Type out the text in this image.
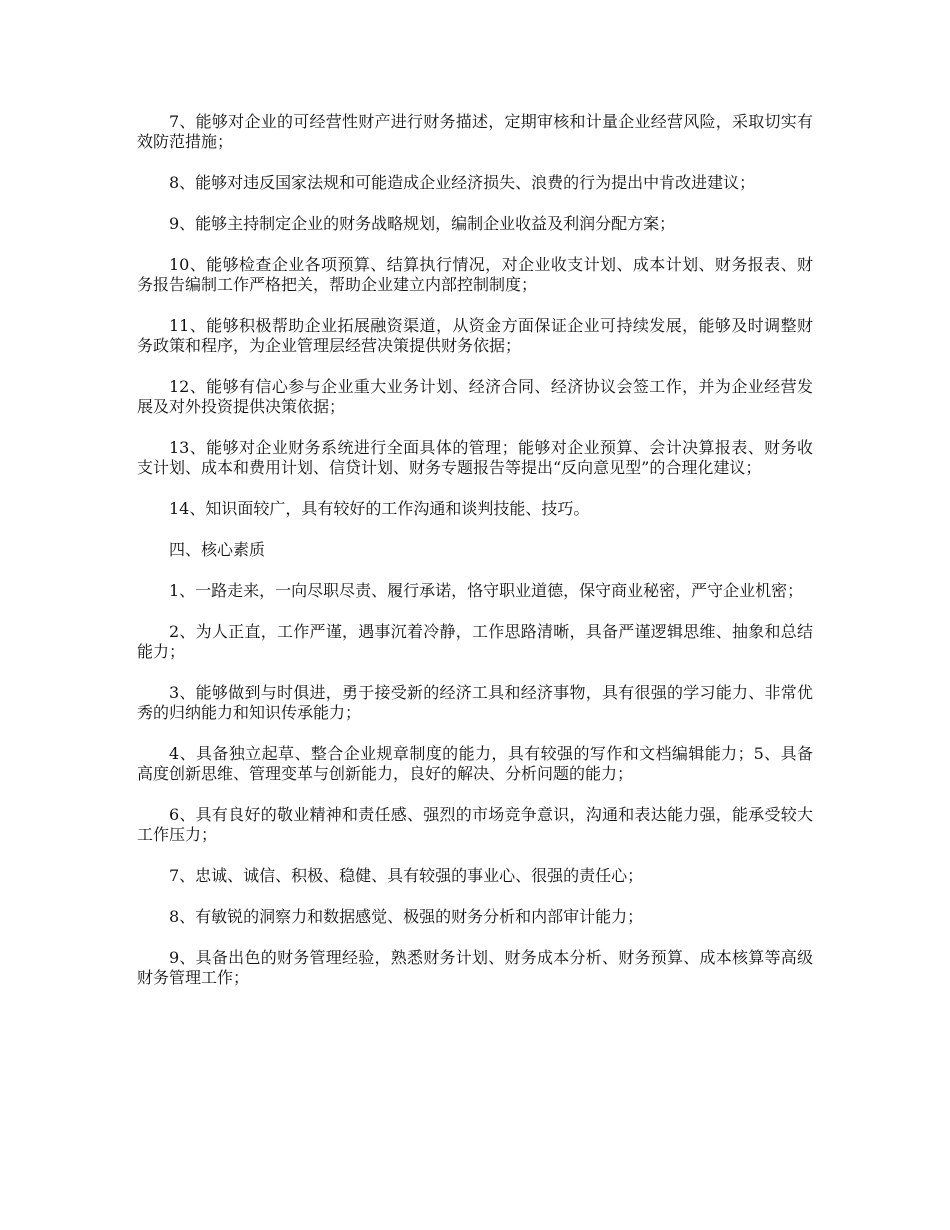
7、能够对企业的可经营性财产进行财务描述，定期审核和计量企业经营风险，采取切实有效防范措施；

8、能够对违反国家法规和可能造成企业经济损失、浪费的行为提出中肯改进建议；

9、能够主持制定企业的财务战略规划，编制企业收益及利润分配方案；

10、能够检查企业各项预算、结算执行情况，对企业收支计划、成本计划、财务报表、财务报告编制工作严格把关，帮助企业建立内部控制制度；

11、能够积极帮助企业拓展融资渠道，从资金方面保证企业可持续发展，能够及时调整财务政策和程序，为企业管理层经营决策提供财务依据；

12、能够有信心参与企业重大业务计划、经济合同、经济协议会签工作，并为企业经营发展及对外投资提供决策依据；

13、能够对企业财务系统进行全面具体的管理；能够对企业预算、会计决算报表、财务收支计划、成本和费用计划、信贷计划、财务专题报告等提出“反向意见型”的合理化建议；

14、知识面较广，具有较好的工作沟通和谈判技能、技巧。

四、核心素质

1、一路走来，一向尽职尽责、履行承诺，恪守职业道德，保守商业秘密，严守企业机密；

2、为人正直，工作严谨，遇事沉着冷静，工作思路清晰，具备严谨逻辑思维、抽象和总结能力；

3、能够做到与时俱进，勇于接受新的经济工具和经济事物，具有很强的学习能力、非常优秀的归纳能力和知识传承能力；

4、具备独立起草、整合企业规章制度的能力，具有较强的写作和文档编辑能力；5、具备高度创新思维、管理变革与创新能力，良好的解决、分析问题的能力；

6、具有良好的敬业精神和责任感、强烈的市场竞争意识，沟通和表达能力强，能承受较大工作压力；

7、忠诚、诚信、积极、稳健、具有较强的事业心、很强的责任心；

8、有敏锐的洞察力和数据感觉、极强的财务分析和内部审计能力；

9、具备出色的财务管理经验，熟悉财务计划、财务成本分析、财务预算、成本核算等高级财务管理工作；
